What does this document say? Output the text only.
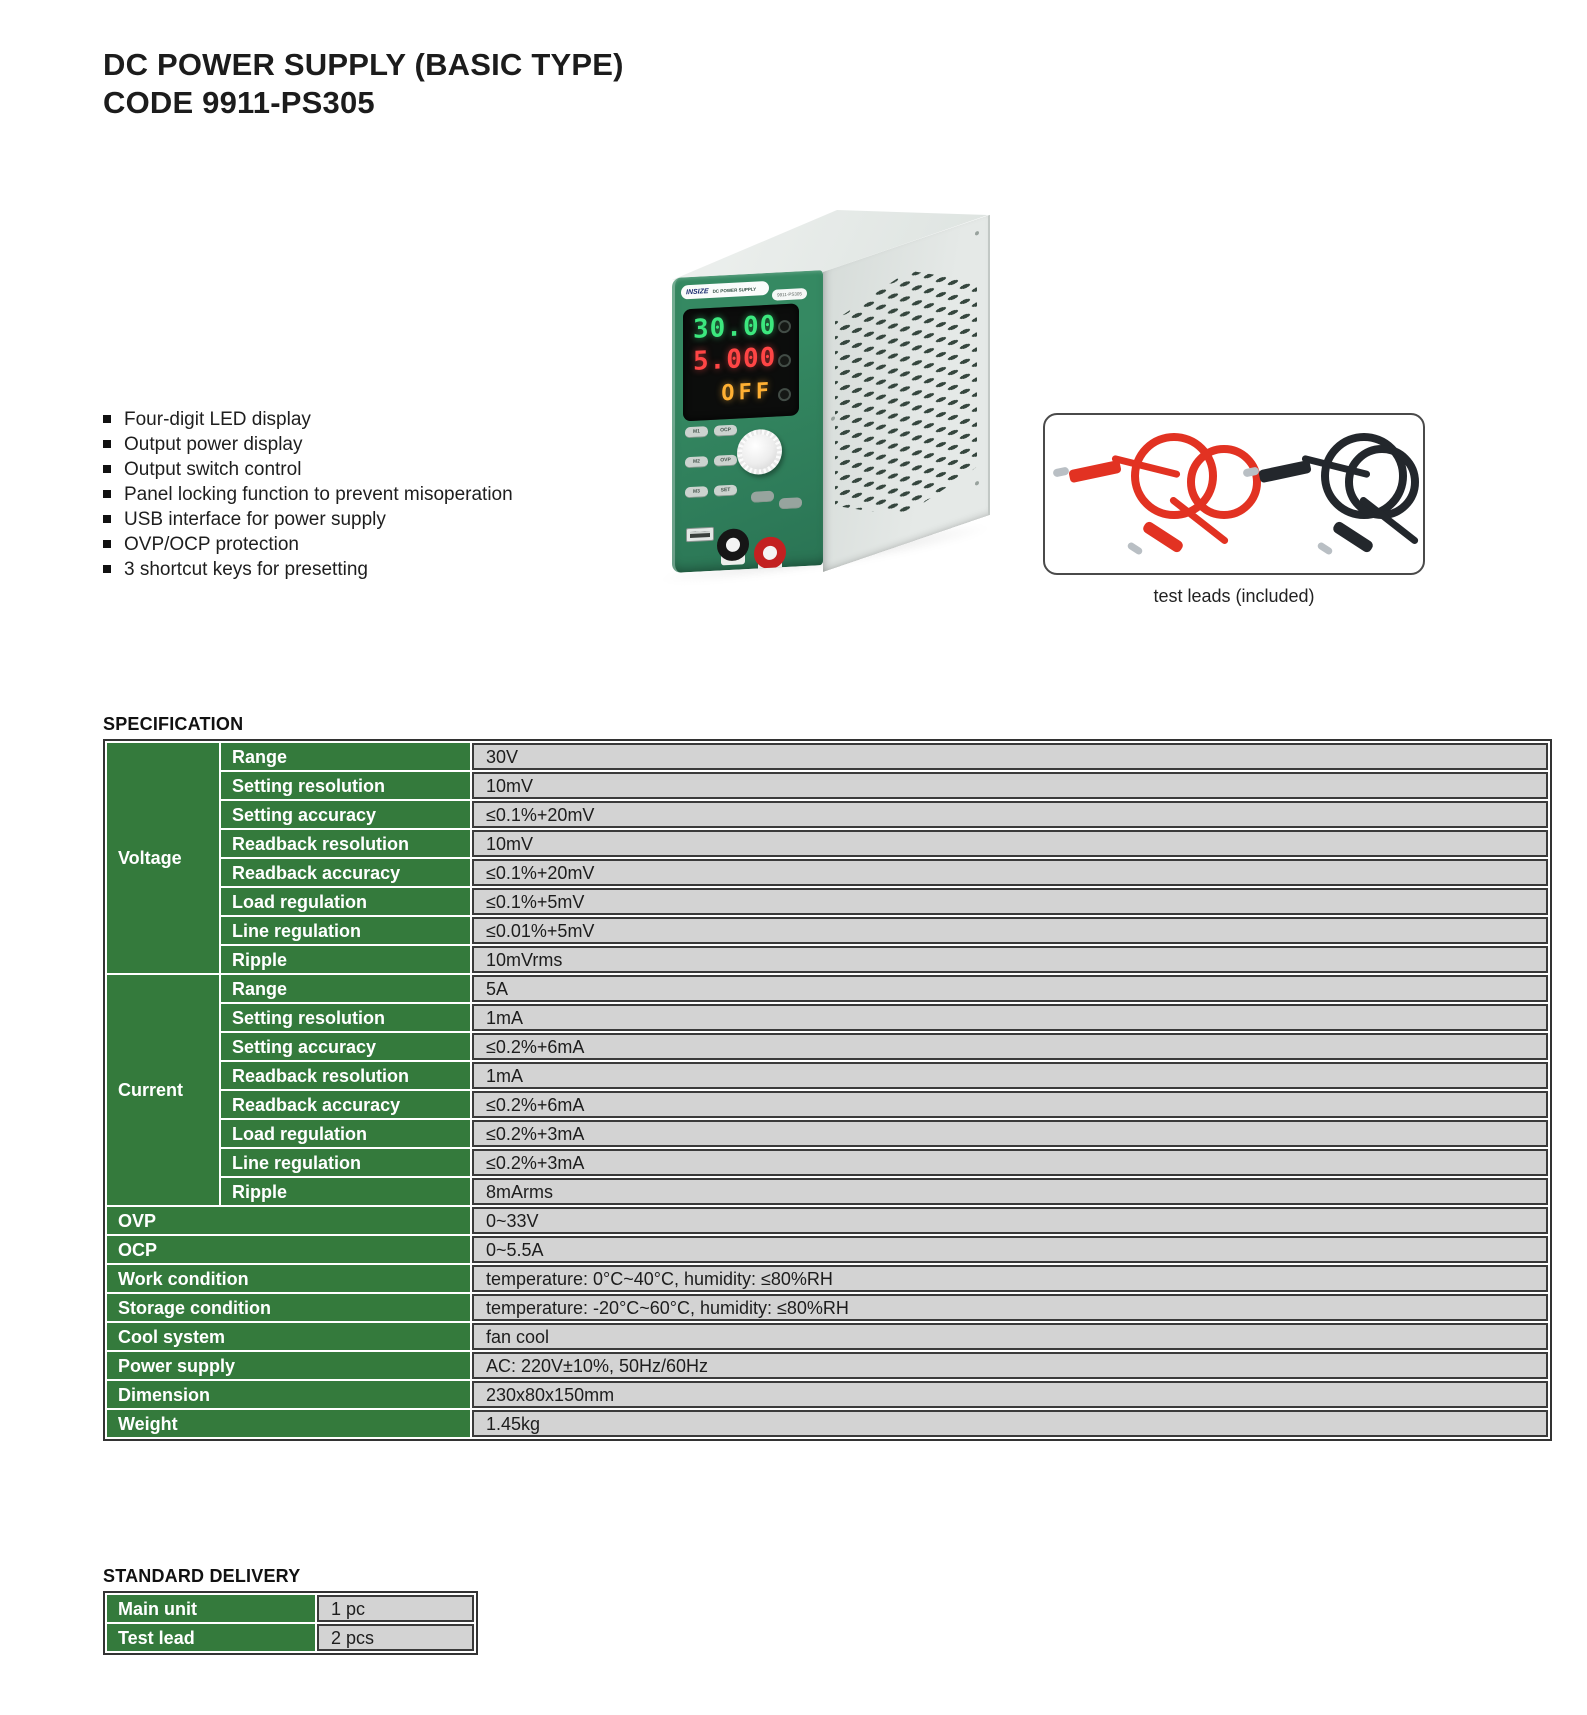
DC POWER SUPPLY (BASIC TYPE)
CODE 9911-PS305
Four-digit LED display
Output power display
Output switch control
Panel locking function to prevent misoperation
USB interface for power supply
OVP/OCP protection
3 shortcut keys for presetting
INSIZE DC POWER SUPPLY
9911-PS305
30.00
5.000
OFF
M1	OCP
M2	OVP
M3	SET
test leads (included)
SPECIFICATION
Voltage	Range	30V
	Setting resolution	10mV
	Setting accuracy	≤0.1%+20mV
	Readback resolution	10mV
	Readback accuracy	≤0.1%+20mV
	Load regulation	≤0.1%+5mV
	Line regulation	≤0.01%+5mV
	Ripple	10mVrms
Current	Range	5A
	Setting resolution	1mA
	Setting accuracy	≤0.2%+6mA
	Readback resolution	1mA
	Readback accuracy	≤0.2%+6mA
	Load regulation	≤0.2%+3mA
	Line regulation	≤0.2%+3mA
	Ripple	8mArms
OVP		0~33V
OCP		0~5.5A
Work condition		temperature: 0°C~40°C, humidity: ≤80%RH
Storage condition		temperature: -20°C~60°C, humidity: ≤80%RH
Cool system		fan cool
Power supply		AC: 220V±10%, 50Hz/60Hz
Dimension		230x80x150mm
Weight		1.45kg
STANDARD DELIVERY
Main unit	1 pc
Test lead	2 pcs
